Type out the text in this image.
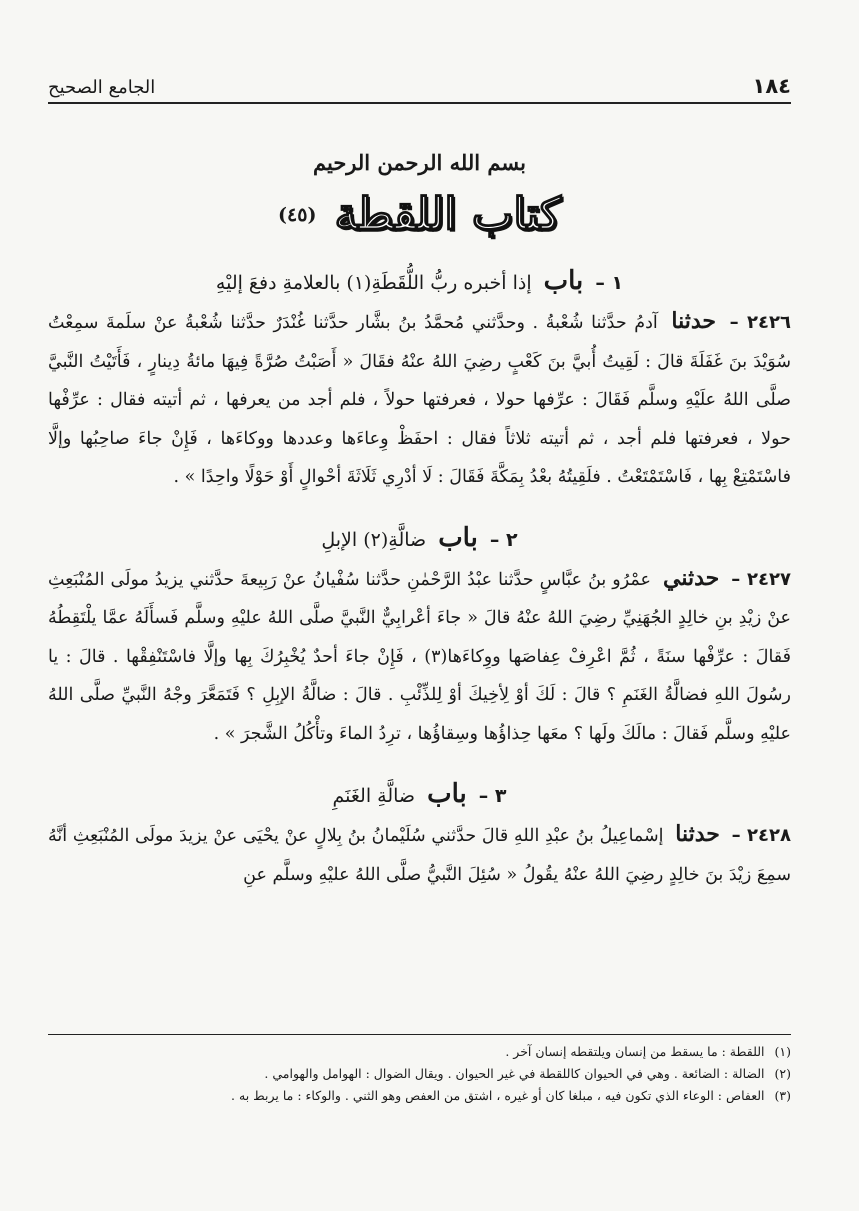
الجامع الصحيح	١٨٤
بسم الله الرحمن الرحيم
كتاب اللقطة
(٤٥)
١ – باب إذا أخبره ربُّ اللُّقَطَةِ(١) بالعلامةِ دفعَ إليْهِ

٢٤٢٦ – حدثنا آدمُ حدَّثنا شُعْبةُ . وحدَّثني مُحمَّدُ بنُ بشَّار حدَّثنا غُنْدَرٌ حدَّثنا شُعْبةُ عنْ سلَمةَ سمِعْتُ سُوَيْدَ بنَ غَفَلَةَ قالَ : لَقِيتُ أُبيَّ بنَ كَعْبٍ رضِيَ اللهُ عنْهُ فقَالَ « أَصَبْتُ صُرَّةً فِيهَا مائةُ دِينارٍ ، فَأَتَيْتُ النَّبيَّ صلَّى اللهُ علَيْهِ وسلَّم فَقَالَ : عرِّفها حولا ، فعرفتها حولاً ، فلم أجد من يعرفها ، ثم أتيته فقال : عرِّفْها حولا ، فعرفتها فلم أجد ، ثم أتيته ثلاثاً فقال : احفَظْ وِعاءَها وعددها ووكاءَها ، فَإِنْ جاءَ صاحِبُها وإلَّا فاسْتَمْتِعْ بِها ، فَاسْتَمْتَعْتُ . فلَقِيتُهُ بعْدُ بِمَكَّةَ فَقَالَ : لَا أدْرِي ثَلَاثَةَ أحْوالٍ أَوْ حَوْلًا واحِدًا » .

٢ – باب ضالَّةِ(٢) الإبلِ

٢٤٢٧ – حدثني عمْرُو بنُ عبَّاسٍ حدَّثنا عبْدُ الرَّحْمٰنِ حدَّثنا سُفْيانُ عنْ رَبِيعةَ حدَّثني يزيدُ مولَى المُنْبَعِثِ عنْ زيْدِ بنِ خالِدٍ الجُهَنِيِّ رضِيَ اللهُ عنْهُ قالَ « جاءَ أعْرابِيٌّ النَّبيَّ صلَّى اللهُ عليْهِ وسلَّم فَسأَلَهُ عمَّا يلْتَقِطُهُ فَقالَ : عرِّفْها سنَةً ، ثُمَّ اعْرِفْ عِفاصَها ووِكاءَها(٣) ، فَإِنْ جاءَ أحدٌ يُخْبِرُكَ بِها وإلَّا فاسْتَنْفِقْها . قالَ : يا رسُولَ اللهِ فضالَّةُ الغَنَمِ ؟ قالَ : لَكَ أوْ لِأخِيكَ أوْ لِلذِّئْبِ . قالَ : ضالَّةُ الإبِلِ ؟ فَتَمَعَّرَ وجْهُ النَّبيِّ صلَّى اللهُ عليْهِ وسلَّم فَقالَ : مالَكَ ولَها ؟ معَها حِذاؤُها وسِقاؤُها ، ترِدُ الماءَ وتأْكُلُ الشَّجرَ » .

٣ – باب ضالَّةِ الغَنَمِ

٢٤٢٨ – حدثنا إسْماعِيلُ بنُ عبْدِ اللهِ قالَ حدَّثني سُلَيْمانُ بنُ بِلالٍ عنْ يحْيَى عنْ يزيدَ مولَى المُنْبَعِثِ أنَّهُ سمِعَ زيْدَ بنَ خالِدٍ رضِيَ اللهُ عنْهُ يقُولُ « سُئِلَ النَّبيُّ صلَّى اللهُ عليْهِ وسلَّم عنِ

(١) اللقطة : ما يسقط من إنسان ويلتقطه إنسان آخر .
(٢) الضالة : الضائعة . وهي في الحيوان كاللقطة في غير الحيوان . ويقال الضوال : الهوامل والهوامي .
(٣) العفاص : الوعاء الذي تكون فيه ، مبلغا كان أو غيره ، اشتق من العفص وهو الثني . والوكاء : ما يربط به .
